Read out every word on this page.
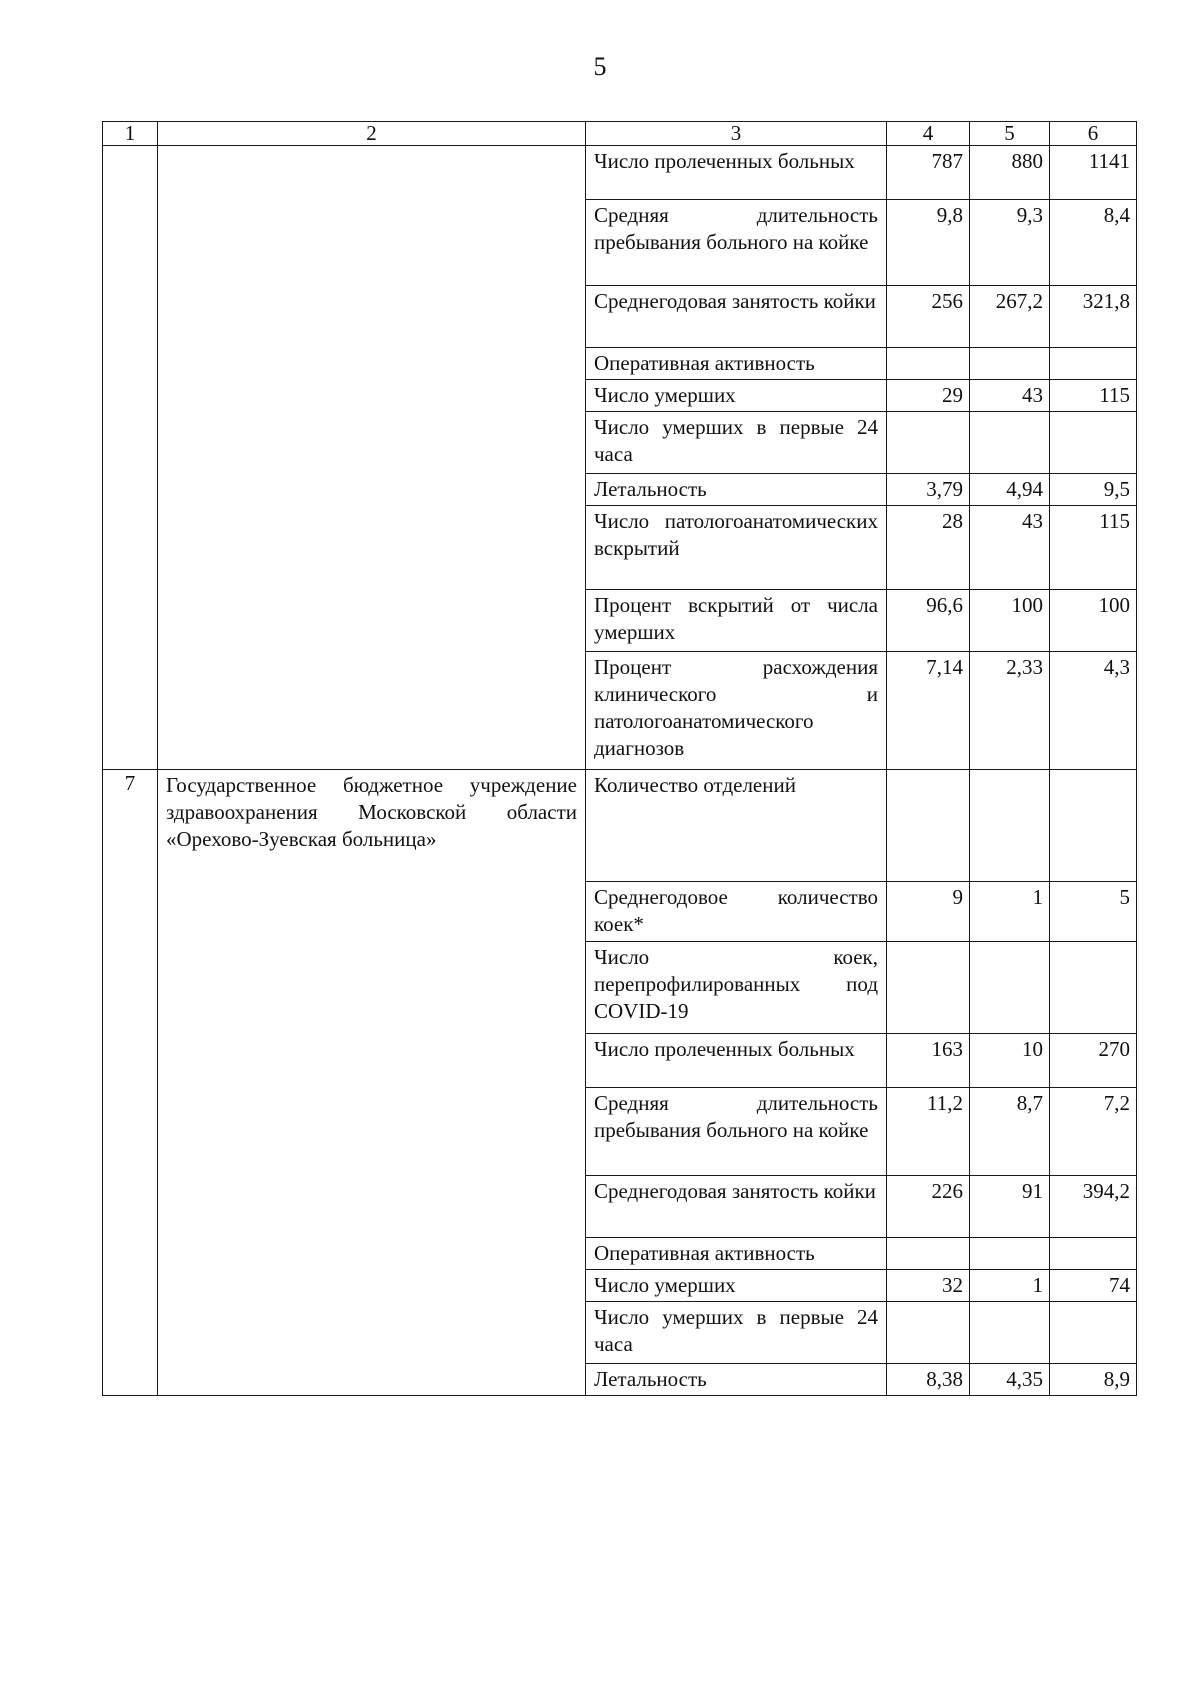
5
1	2	3	4	5	6
		Число пролеченных больных	787	880	1141
		Средняя длительность пребывания больного на койке	9,8	9,3	8,4
		Среднегодовая занятость койки	256	267,2	321,8
		Оперативная активность			
		Число умерших	29	43	115
		Число умерших в первые 24 часа			
		Летальность	3,79	4,94	9,5
		Число патологоанатомических вскрытий	28	43	115
		Процент вскрытий от числа умерших	96,6	100	100
		Процент расхождения клинического и патологоанатомического диагнозов	7,14	2,33	4,3
7	Государственное бюджетное учреждение здравоохранения Московской области «Орехово-Зуевская больница»	Количество отделений			
		Среднегодовое количество коек*	9	1	5
		Число коек, перепрофилированных под COVID-19			
		Число пролеченных больных	163	10	270
		Средняя длительность пребывания больного на койке	11,2	8,7	7,2
		Среднегодовая занятость койки	226	91	394,2
		Оперативная активность			
		Число умерших	32	1	74
		Число умерших в первые 24 часа			
		Летальность	8,38	4,35	8,9
